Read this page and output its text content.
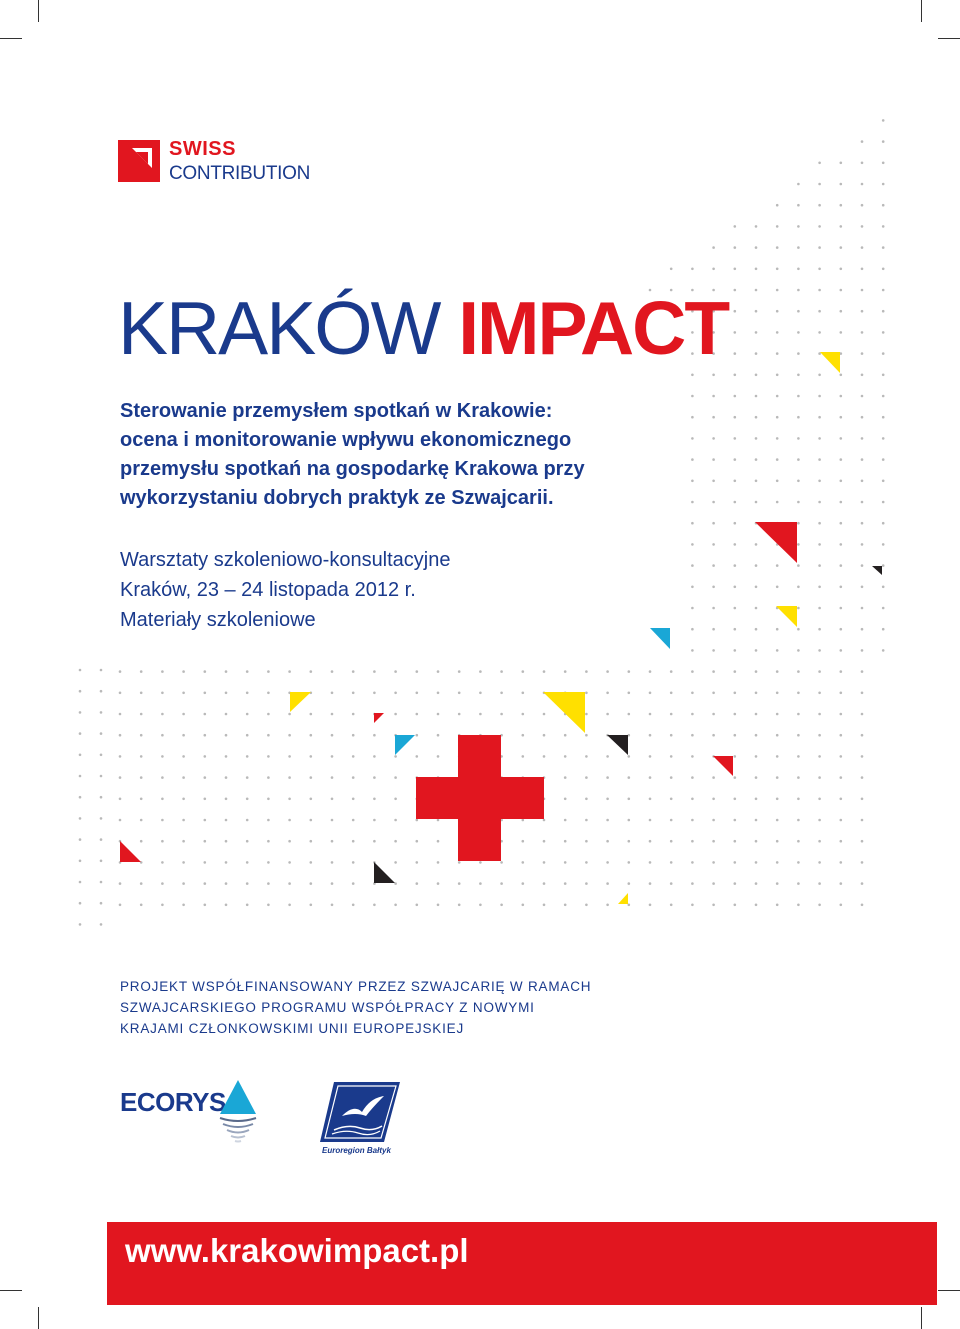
SWISS
CONTRIBUTION
KRAKÓW IMPACT
Sterowanie przemysłem spotkań w Krakowie:
ocena i monitorowanie wpływu ekonomicznego
przemysłu spotkań na gospodarkę Krakowa przy
wykorzystaniu dobrych praktyk ze Szwajcarii.
Warsztaty szkoleniowo-konsultacyjne
Kraków, 23 – 24 listopada 2012 r.
Materiały szkoleniowe
PROJEKT WSPÓŁFINANSOWANY PRZEZ SZWAJCARIĘ W RAMACH
SZWAJCARSKIEGO PROGRAMU WSPÓŁPRACY Z NOWYMI
KRAJAMI CZŁONKOWSKIMI UNII EUROPEJSKIEJ
ECORYS
Euroregion Bałtyk
www.krakowimpact.pl
